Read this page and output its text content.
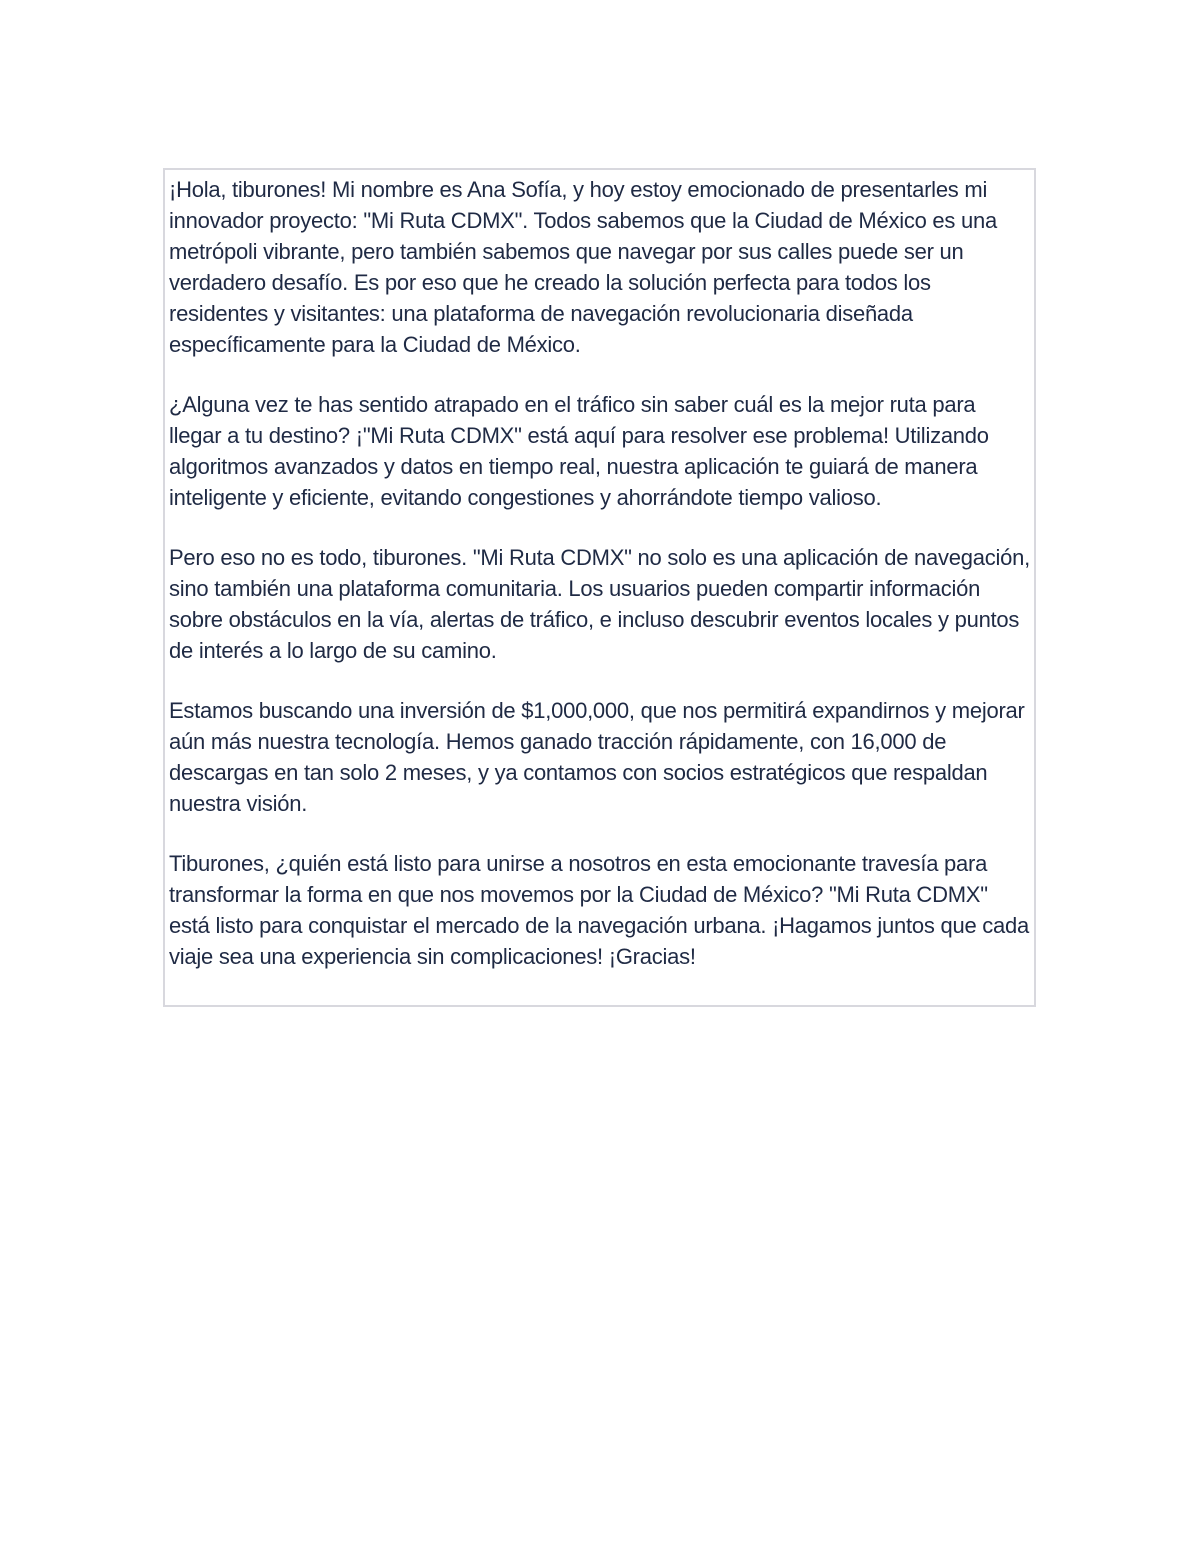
¡Hola, tiburones! Mi nombre es Ana Sofía, y hoy estoy emocionado de presentarles mi innovador proyecto: "Mi Ruta CDMX". Todos sabemos que la Ciudad de México es una metrópoli vibrante, pero también sabemos que navegar por sus calles puede ser un verdadero desafío. Es por eso que he creado la solución perfecta para todos los residentes y visitantes: una plataforma de navegación revolucionaria diseñada específicamente para la Ciudad de México.

¿Alguna vez te has sentido atrapado en el tráfico sin saber cuál es la mejor ruta para llegar a tu destino? ¡"Mi Ruta CDMX" está aquí para resolver ese problema! Utilizando algoritmos avanzados y datos en tiempo real, nuestra aplicación te guiará de manera inteligente y eficiente, evitando congestiones y ahorrándote tiempo valioso.

Pero eso no es todo, tiburones. "Mi Ruta CDMX" no solo es una aplicación de navegación, sino también una plataforma comunitaria. Los usuarios pueden compartir información sobre obstáculos en la vía, alertas de tráfico, e incluso descubrir eventos locales y puntos de interés a lo largo de su camino.

Estamos buscando una inversión de $1,000,000, que nos permitirá expandirnos y mejorar aún más nuestra tecnología. Hemos ganado tracción rápidamente, con 16,000 de descargas en tan solo 2 meses, y ya contamos con socios estratégicos que respaldan nuestra visión.

Tiburones, ¿quién está listo para unirse a nosotros en esta emocionante travesía para transformar la forma en que nos movemos por la Ciudad de México? "Mi Ruta CDMX" está listo para conquistar el mercado de la navegación urbana. ¡Hagamos juntos que cada viaje sea una experiencia sin complicaciones! ¡Gracias!
